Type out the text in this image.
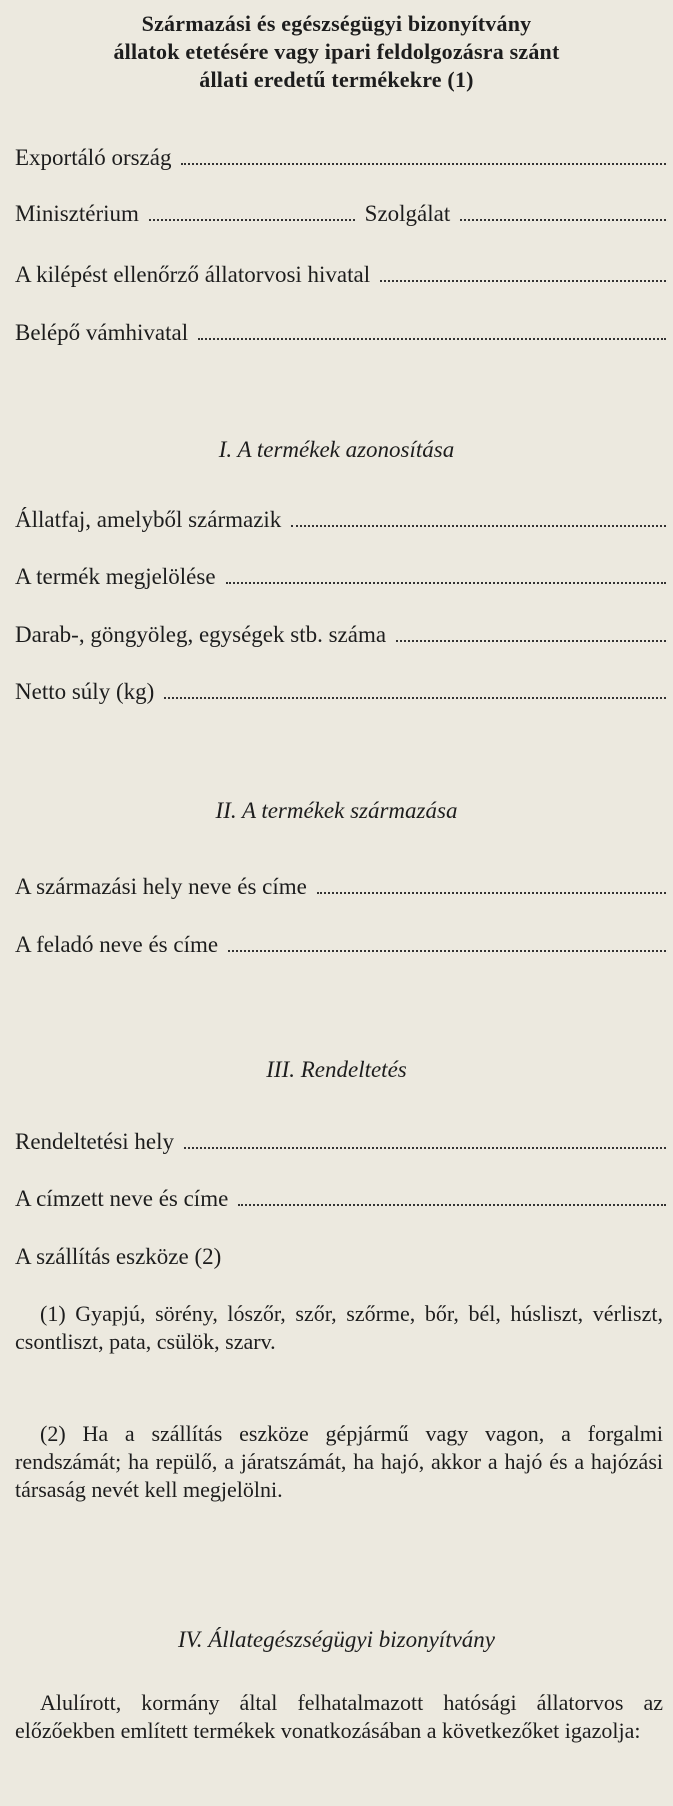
Származási és egészségügyi bizonyítvány
állatok etetésére vagy ipari feldolgozásra szánt
állati eredetű termékekre (1)
Exportáló ország
Minisztérium	Szolgálat
A kilépést ellenőrző állatorvosi hivatal
Belépő vámhivatal
I. A termékek azonosítása
Állatfaj, amelyből származik
A termék megjelölése
Darab-, göngyöleg, egységek stb. száma
Netto súly (kg)
II. A termékek származása
A származási hely neve és címe
A feladó neve és címe
III. Rendeltetés
Rendeltetési hely
A címzett neve és címe
A szállítás eszköze (2)
(1) Gyapjú, sörény, lószőr, szőr, szőrme, bőr, bél, húsliszt, vérliszt, csontliszt, pata, csülök, szarv.
(2) Ha a szállítás eszköze gépjármű vagy vagon, a forgalmi rendszámát; ha repülő, a járatszámát, ha hajó, akkor a hajó és a hajózási társaság nevét kell megjelölni.
IV. Állategészségügyi bizonyítvány
Alulírott, kormány által felhatalmazott hatósági állatorvos az előzőekben említett termékek vonatkozásában a következőket igazolja:
